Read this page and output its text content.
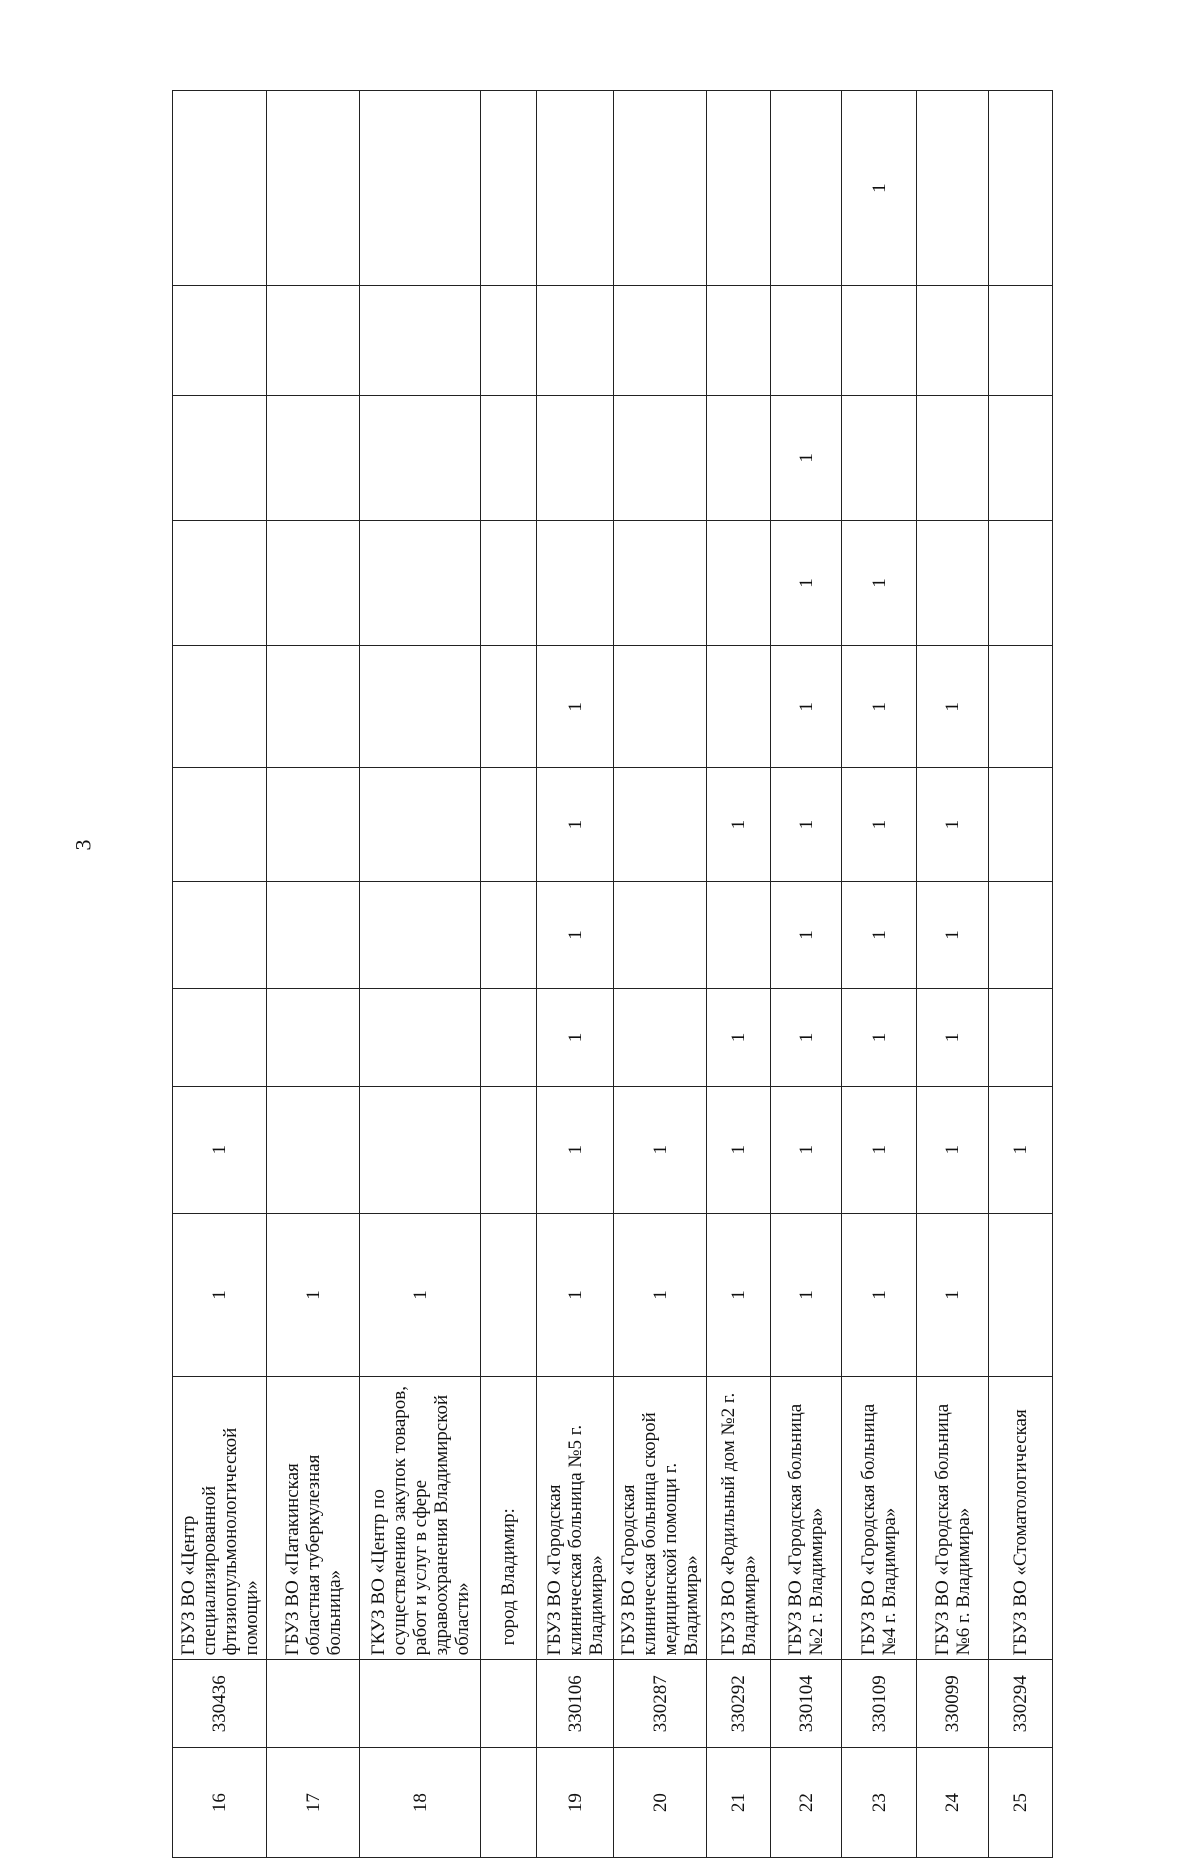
3
16	330436	ГБУЗ ВО «Центр специализированной фтизиопульмонологической помощи»	1	1								
17		ГБУЗ ВО «Патакинская областная туберкулезная больница»	1									
18		ГКУЗ ВО «Центр по осуществлению закупок товаров, работ и услуг в сфере здравоохранения Владимирской области»	1									
		город Владимир:										
19	330106	ГБУЗ ВО «Городская клиническая больница №5 г. Владимира»	1	1	1	1	1	1				
20	330287	ГБУЗ ВО «Городская клиническая больница скорой медицинской помощи г. Владимира»	1	1								
21	330292	ГБУЗ ВО «Родильный дом №2 г. Владимира»	1	1	1		1					
22	330104	ГБУЗ ВО «Городская больница №2 г. Владимира»	1	1	1	1	1	1	1	1		
23	330109	ГБУЗ ВО «Городская больница №4 г. Владимира»	1	1	1	1	1	1	1			1
24	330099	ГБУЗ ВО «Городская больница №6 г. Владимира»	1	1	1	1	1	1				
25	330294	ГБУЗ ВО «Стоматологическая		1								
